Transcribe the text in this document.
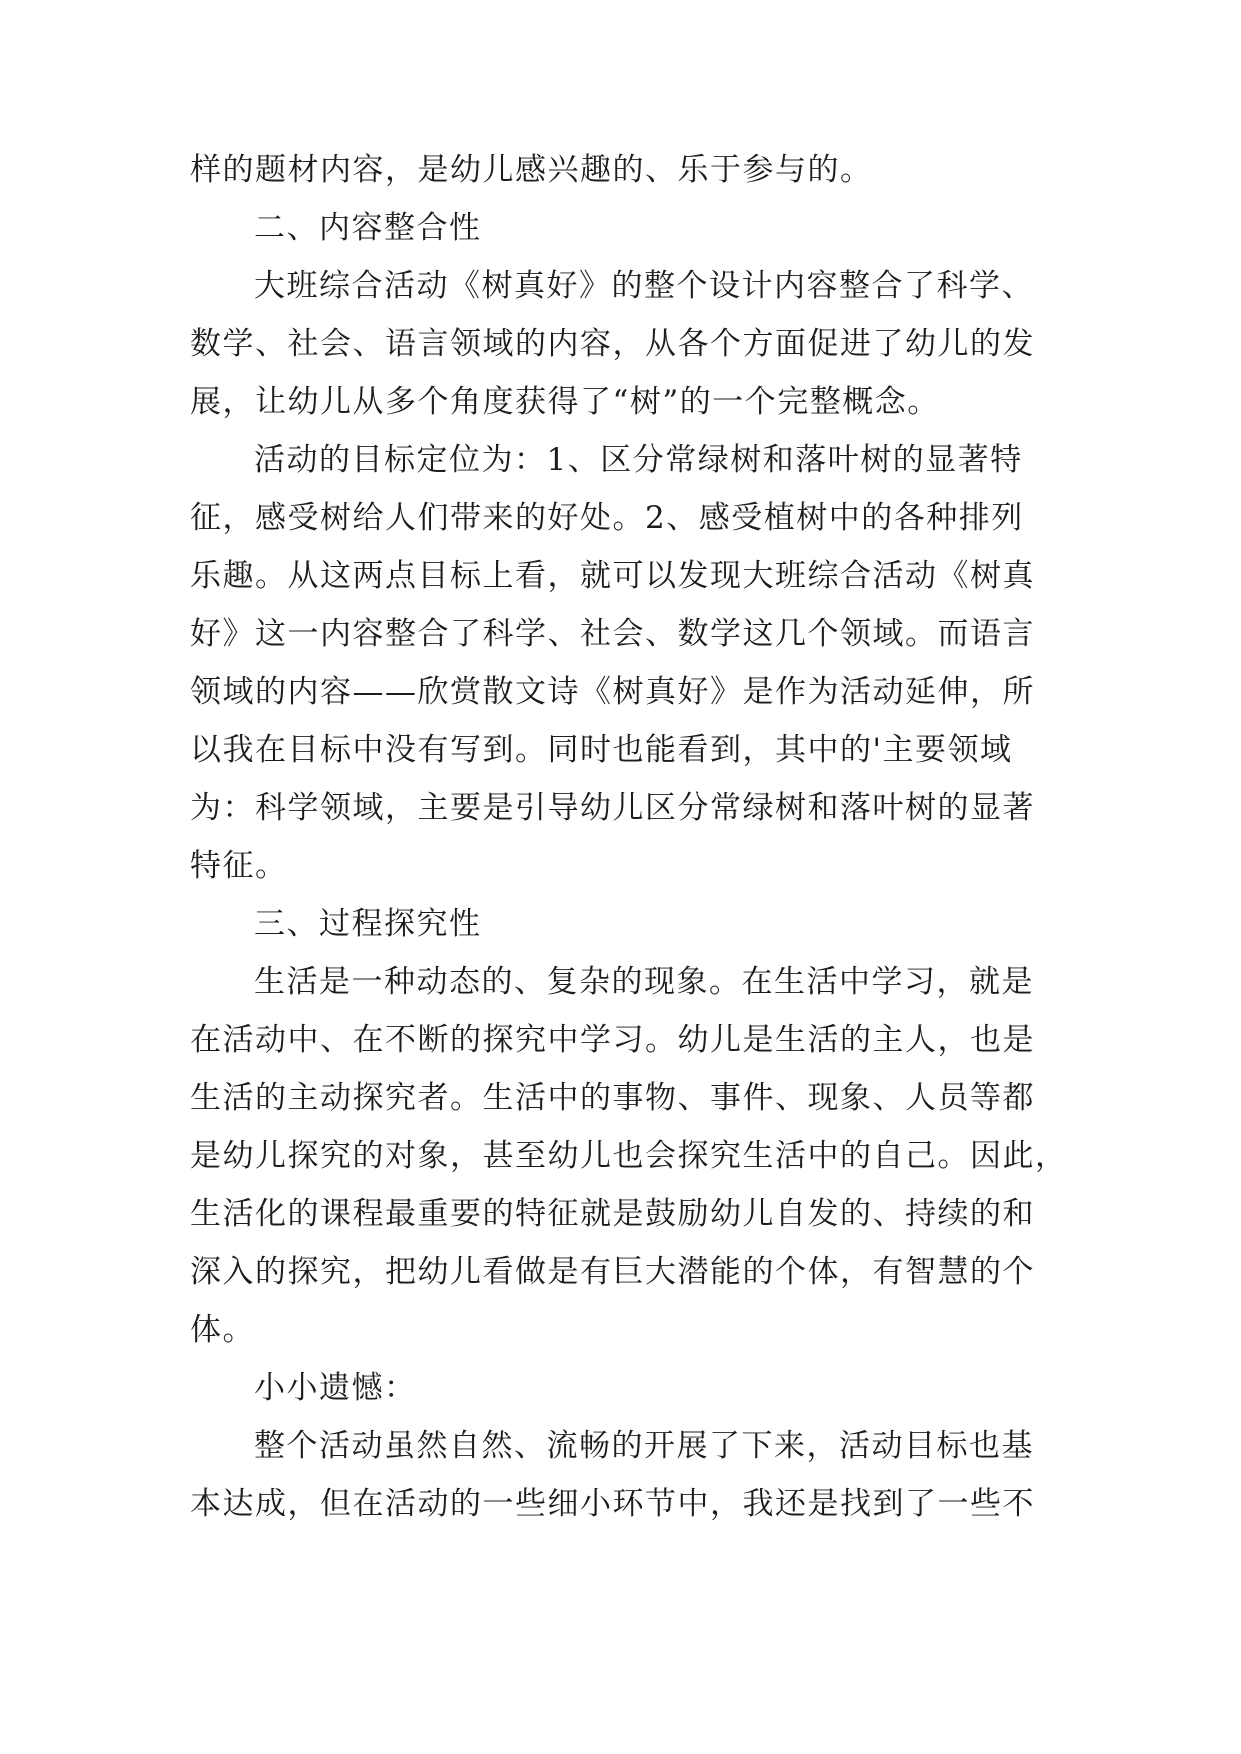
样的题材内容，是幼儿感兴趣的、乐于参与的。
二、内容整合性
大班综合活动《树真好》的整个设计内容整合了科学、
数学、社会、语言领域的内容，从各个方面促进了幼儿的发
展，让幼儿从多个角度获得了“树”的一个完整概念。
活动的目标定位为：1、区分常绿树和落叶树的显著特
征，感受树给人们带来的好处。2、感受植树中的各种排列
乐趣。从这两点目标上看，就可以发现大班综合活动《树真
好》这一内容整合了科学、社会、数学这几个领域。而语言
领域的内容——欣赏散文诗《树真好》是作为活动延伸，所
以我在目标中没有写到。同时也能看到，其中的'主要领域
为：科学领域，主要是引导幼儿区分常绿树和落叶树的显著
特征。
三、过程探究性
生活是一种动态的、复杂的现象。在生活中学习，就是
在活动中、在不断的探究中学习。幼儿是生活的主人，也是
生活的主动探究者。生活中的事物、事件、现象、人员等都
是幼儿探究的对象，甚至幼儿也会探究生活中的自己。因此，
生活化的课程最重要的特征就是鼓励幼儿自发的、持续的和
深入的探究，把幼儿看做是有巨大潜能的个体，有智慧的个
体。
小小遗憾：
整个活动虽然自然、流畅的开展了下来，活动目标也基
本达成，但在活动的一些细小环节中，我还是找到了一些不
